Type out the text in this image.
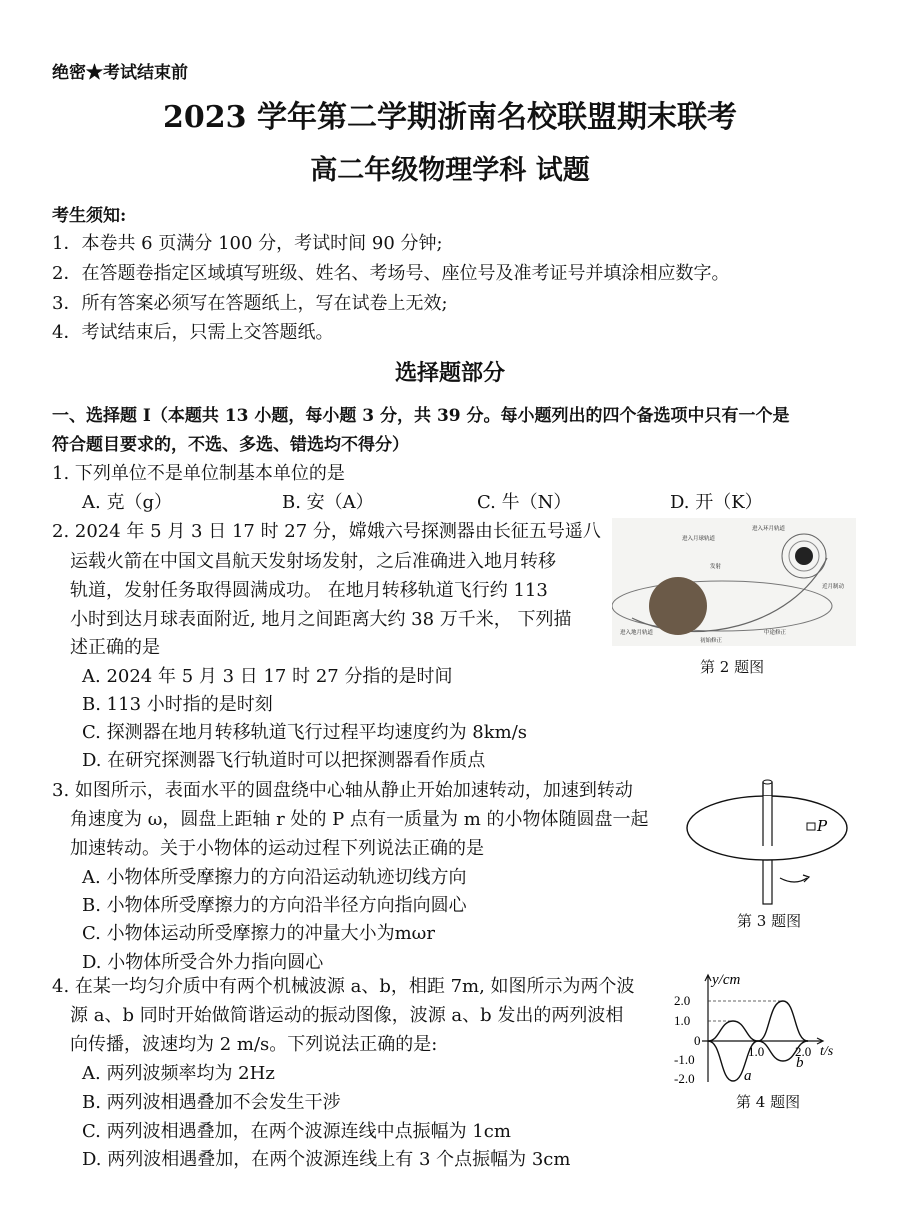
绝密★考试结束前
2023 学年第二学期浙南名校联盟期末联考
高二年级物理学科 试题
考生须知:
1．本卷共 6 页满分 100 分，考试时间 90 分钟;
2．在答题卷指定区域填写班级、姓名、考场号、座位号及准考证号并填涂相应数字。
3．所有答案必须写在答题纸上，写在试卷上无效;
4．考试结束后，只需上交答题纸。
选择题部分
一、选择题 I（本题共 13 小题，每小题 3 分，共 39 分。每小题列出的四个备选项中只有一个是
符合题目要求的，不选、多选、错选均不得分）
1. 下列单位不是单位制基本单位的是
A. 克（g）	B. 安（A）	C. 牛（N）	D. 开（K）
2. 2024 年 5 月 3 日 17 时 27 分，嫦娥六号探测器由长征五号遥八
运载火箭在中国文昌航天发射场发射，之后准确进入地月转移
轨道，发射任务取得圆满成功。 在地月转移轨道飞行约 113
小时到达月球表面附近, 地月之间距离大约 38 万千米， 下列描
述正确的是
A. 2024 年 5 月 3 日 17 时 27 分指的是时间
B. 113 小时指的是时刻
C. 探测器在地月转移轨道飞行过程平均速度约为 8km/s
D. 在研究探测器飞行轨道时可以把探测器看作质点
进入月球轨道
进入环月轨道
发射
近月制动
中途修正
初始修正
进入地月轨道
第 2 题图
3. 如图所示，表面水平的圆盘绕中心轴从静止开始加速转动，加速到转动
角速度为 ω，圆盘上距轴 r 处的 P 点有一质量为 m 的小物体随圆盘一起
加速转动。关于小物体的运动过程下列说法正确的是
A. 小物体所受摩擦力的方向沿运动轨迹切线方向
B. 小物体所受摩擦力的方向沿半径方向指向圆心
C. 小物体运动所受摩擦力的冲量大小为mωr
D. 小物体所受合外力指向圆心
P
第 3 题图
4. 在某一均匀介质中有两个机械波源 a、b，相距 7m, 如图所示为两个波
源 a、b 同时开始做简谐运动的振动图像，波源 a、b 发出的两列波相
向传播，波速均为 2 m/s。下列说法正确的是:
A. 两列波频率均为 2Hz
B. 两列波相遇叠加不会发生干涉
C. 两列波相遇叠加，在两个波源连线中点振幅为 1cm
D. 两列波相遇叠加，在两个波源连线上有 3 个点振幅为 3cm
y/cm
t/s
2.0
1.0
0
-1.0
-2.0
1.0 2.0
a
b
第 4 题图
